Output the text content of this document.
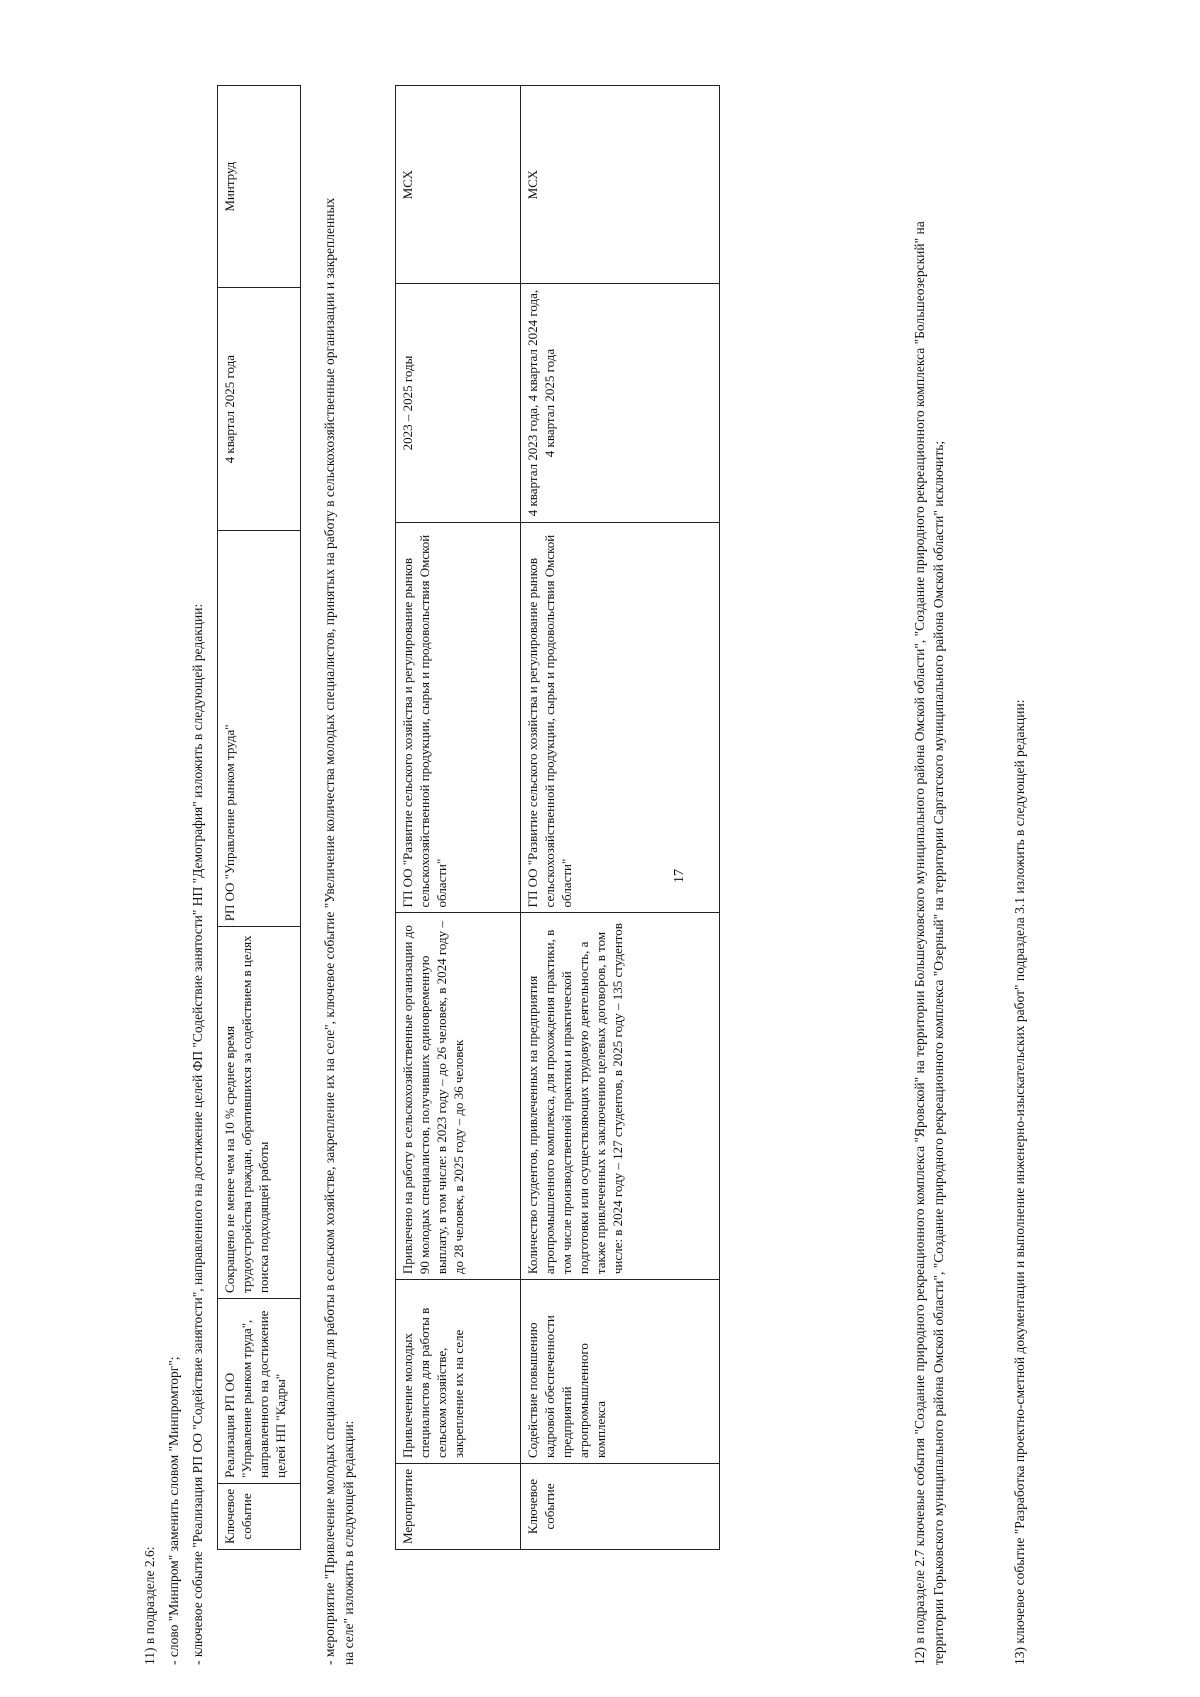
17
11) в подразделе 2.6: - слово "Минпром" заменить словом "Минпромторг"; - ключевое событие "Реализация РП ОО "Содействие занятости", направленного на достижение целей ФП "Содействие занятости" НП "Демография" изложить в следующей редакции: Ключевое событие	Реализация РП ОО "Управление рынком труда", направленного на достижение целей НП "Кадры"	Сокращено не менее чем на 10 % среднее время трудоустройства граждан, обратившихся за содействием в целях поиска подходящей работы	РП ОО "Управление рынком труда"	4 квартал 2025 года	Минтруд
- мероприятие "Привлечение молодых специалистов для работы в сельском хозяйстве, закрепление их на селе", ключевое событие "Увеличение количества молодых специалистов, принятых на работу в сельскохозяйственные организации и закрепленных на селе" изложить в следующей редакции:	Мероприятие	Привлечение молодых специалистов для работы в сельском хозяйстве, закрепление их на селе	Привлечено на работу в сельскохозяйственные организации до 90 молодых специалистов, получивших единовременную выплату, в том числе: в 2023 году – до 26 человек, в 2024 году – до 28 человек, в 2025 году – до 36 человек	ГП ОО "Развитие сельского хозяйства и регулирование рынков сельскохозяйственной продукции, сырья и продовольствия Омской области"	2023 – 2025 годы	МСХ
Ключевое событие	Содействие повышению кадровой обеспеченности предприятий агропромышленного комплекса	Количество студентов, привлеченных на предприятия агропромышленного комплекса, для прохождения практики, в том числе производственной практики и практической подготовки или осуществляющих трудовую деятельность, а также привлеченных к заключению целевых договоров, в том числе: в 2024 году – 127 студентов, в 2025 году – 135 студентов	ГП ОО "Развитие сельского хозяйства и регулирование рынков сельскохозяйственной продукции, сырья и продовольствия Омской области"	4 квартал 2023 года, 4 квартал 2024 года, 4 квартал 2025 года	МСХ
12) в подразделе 2.7 ключевые события "Создание природного рекреационного комплекса "Яровской" на территории Большеуковского муниципального района Омской области", "Создание природного рекреационного комплекса "Большеозерский" на территории Горьковского муниципального района Омской области", "Создание природного рекреационного комплекса "Озерный" на территории Саргатского муниципального района Омской области" исключить;	13) ключевое событие "Разработка проектно-сметной документации и выполнение инженерно-изыскательских работ" подраздела 3.1 изложить в следующей редакции:
